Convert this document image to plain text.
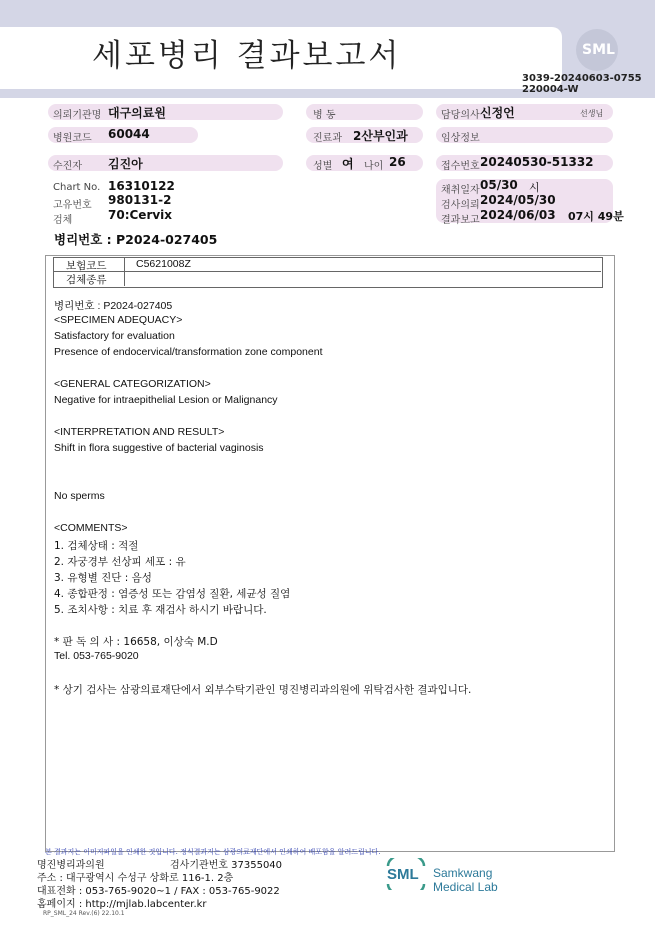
세포병리 결과보고서	SML
3039-20240603-0755
220004-W
의뢰기관명 대구의료원	병 동	담당의사 신정언	선생님
병원코드 60044	진료과 2산부인과	임상정보
수진자 김진아	성별 여 나이 26	접수번호 20240530-51332
Chart No. 16310122
고유번호 980131-2
검체	70:Cervix
채취일자 05/30 시
검사의뢰 2024/05/30
결과보고 2024/06/03 07시 49분
병리번호 : P2024-027405
보험코드	C5621008Z
검체종류
병리번호 : P2024-027405
<SPECIMEN ADEQUACY>
Satisfactory for evaluation
Presence of endocervical/transformation zone component
<GENERAL CATEGORIZATION>
Negative for intraepithelial Lesion or Malignancy
<INTERPRETATION AND RESULT>
Shift in flora suggestive of bacterial vaginosis
No sperms
<COMMENTS>
1. 검체상태 : 적절
2. 자궁경부 선상피 세포 : 유
3. 유형별 진단 : 음성
4. 종합판정 : 염증성 또는 감염성 질환, 세균성 질염
5. 조치사항 : 치료 후 재검사 하시기 바랍니다.
* 판 독 의 사 : 16658, 이상숙 M.D
Tel. 053-765-9020
* 상기 검사는 삼광의료재단에서 외부수탁기관인 명진병리과의원에 위탁검사한 결과입니다.
본 결과지는 이미지파일을 인쇄한 것입니다. 정식결과지는 삼광의료재단에서 인쇄하여 배포함을 알려드립니다.
명진병리과의원	검사기관번호 37355040
주소 : 대구광역시 수성구 상화로 116-1. 2층
대표전화 : 053-765-9020~1 / FAX : 053-765-9022
홈페이지 : http://mjlab.labcenter.kr
RP_SML_24 Rev.(6) 22.10.1
SML Samkwang
Medical Lab
